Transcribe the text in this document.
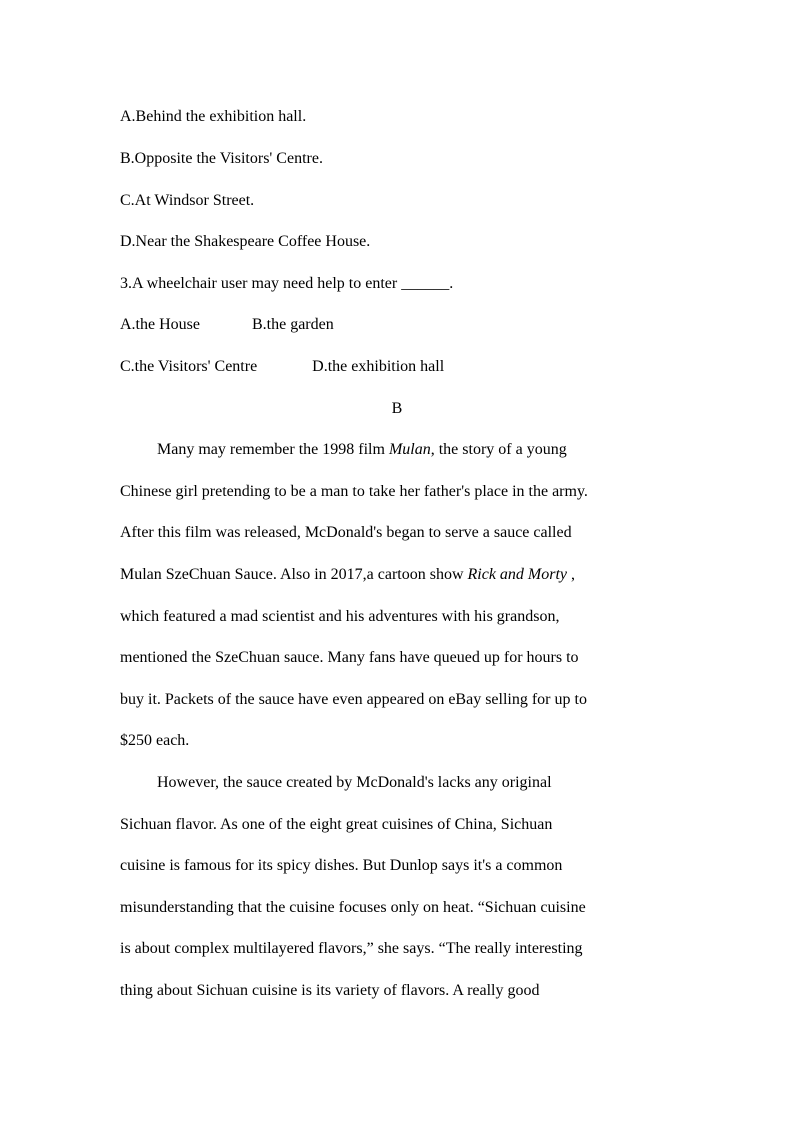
A.Behind the exhibition hall.
B.Opposite the Visitors' Centre.
C.At Windsor Street.
D.Near the Shakespeare Coffee House.
3.A wheelchair user may need help to enter ______.
A.the House	B.the garden
C.the Visitors' Centre	D.the exhibition hall
B
Many may remember the 1998 film Mulan, the story of a young
Chinese girl pretending to be a man to take her father's place in the army.
After this film was released, McDonald's began to serve a sauce called
Mulan SzeChuan Sauce. Also in 2017,a cartoon show Rick and Morty ,
which featured a mad scientist and his adventures with his grandson,
mentioned the SzeChuan sauce. Many fans have queued up for hours to
buy it. Packets of the sauce have even appeared on eBay selling for up to
$250 each.
However, the sauce created by McDonald's lacks any original
Sichuan flavor. As one of the eight great cuisines of China, Sichuan
cuisine is famous for its spicy dishes. But Dunlop says it's a common
misunderstanding that the cuisine focuses only on heat. “Sichuan cuisine
is about complex multilayered flavors,” she says. “The really interesting
thing about Sichuan cuisine is its variety of flavors. A really good
